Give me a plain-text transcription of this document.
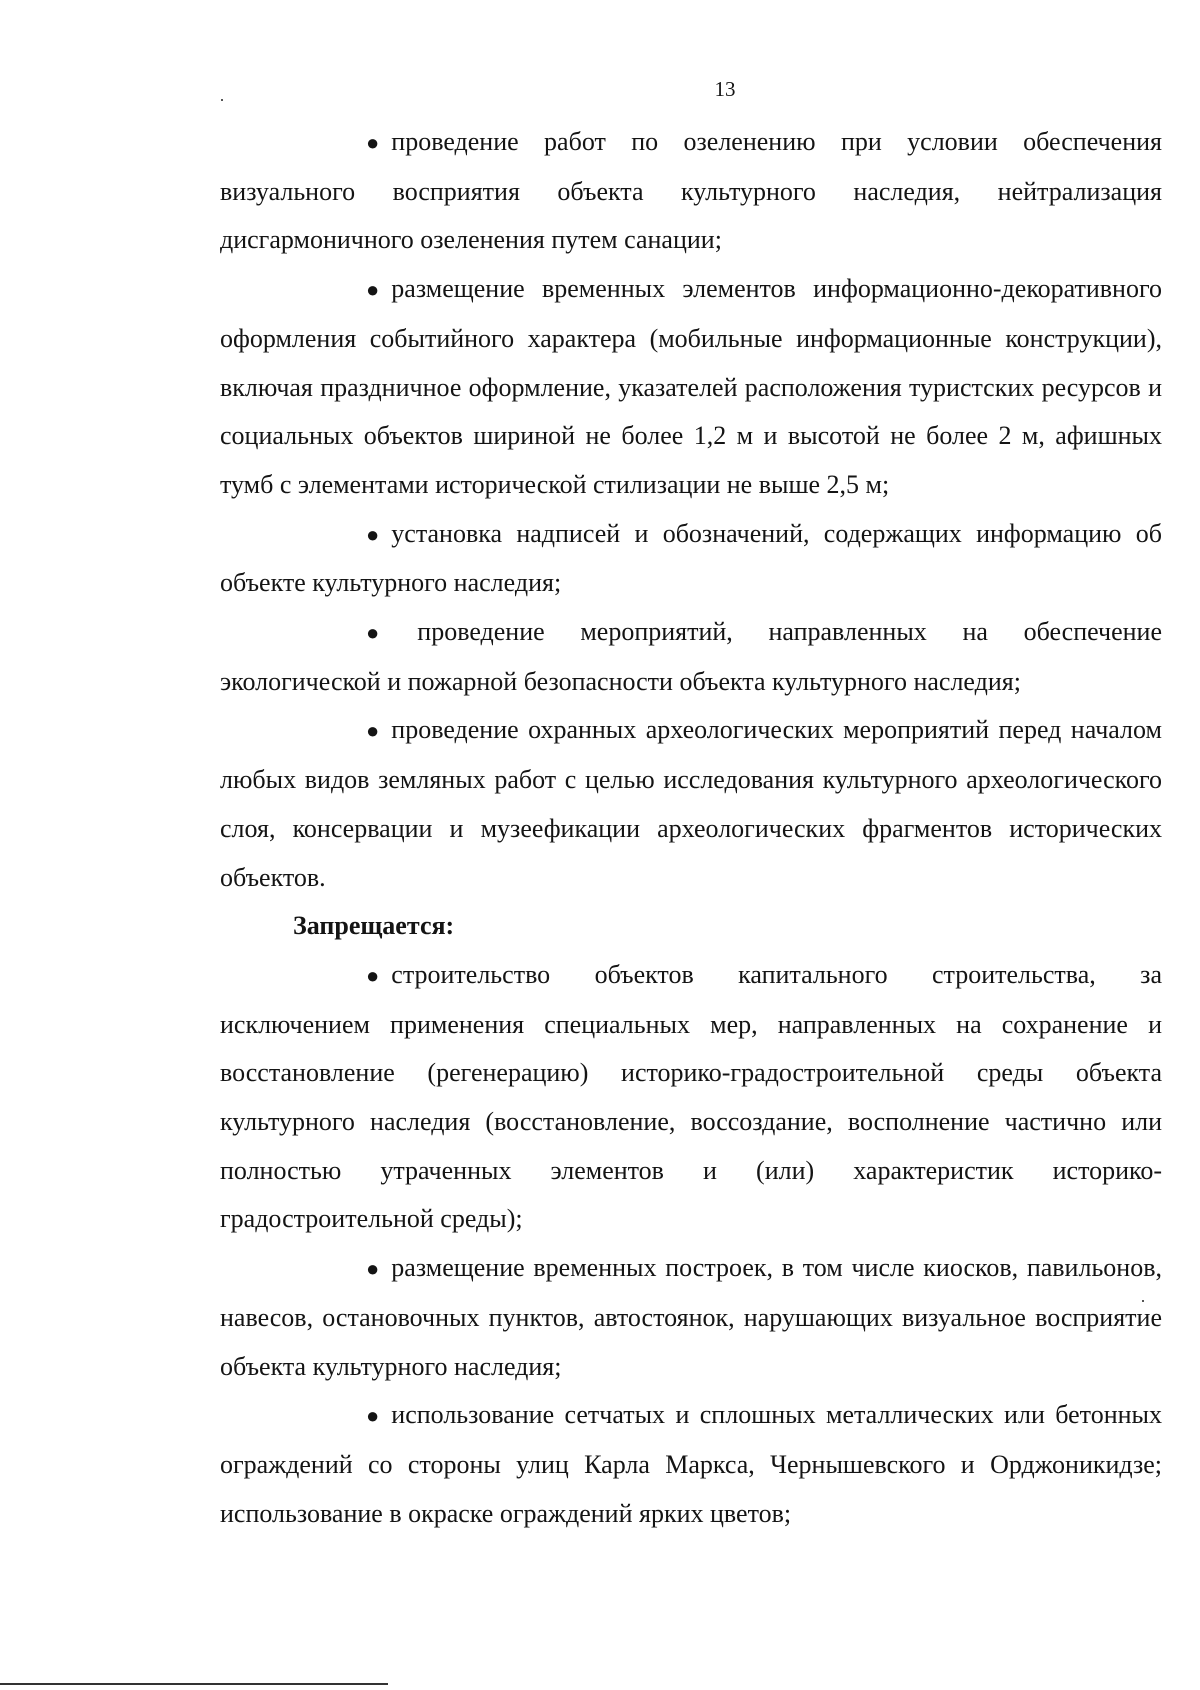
13

● проведение работ по озеленению при условии обеспечения визуального восприятия объекта культурного наследия, нейтрализация дисгармоничного озеленения путем санации;

● размещение временных элементов информационно-декоративного оформления событийного характера (мобильные информационные конструкции), включая праздничное оформление, указателей расположения туристских ресурсов и социальных объектов шириной не более 1,2 м и высотой не более 2 м, афишных тумб с элементами исторической стилизации не выше 2,5 м;

● установка надписей и обозначений, содержащих информацию об объекте культурного наследия;

● проведение мероприятий, направленных на обеспечение экологической и пожарной безопасности объекта культурного наследия;

● проведение охранных археологических мероприятий перед началом любых видов земляных работ с целью исследования культурного археологического слоя, консервации и музеефикации археологических фрагментов исторических объектов.

Запрещается:

● строительство объектов капитального строительства, за исключением применения специальных мер, направленных на сохранение и восстановление (регенерацию) историко-градостроительной среды объекта культурного наследия (восстановление, воссоздание, восполнение частично или полностью утраченных элементов и (или) характеристик историко-градостроительной среды);

● размещение временных построек, в том числе киосков, павильонов, навесов, остановочных пунктов, автостоянок, нарушающих визуальное восприятие объекта культурного наследия;

● использование сетчатых и сплошных металлических или бетонных ограждений со стороны улиц Карла Маркса, Чернышевского и Орджоникидзе; использование в окраске ограждений ярких цветов;
